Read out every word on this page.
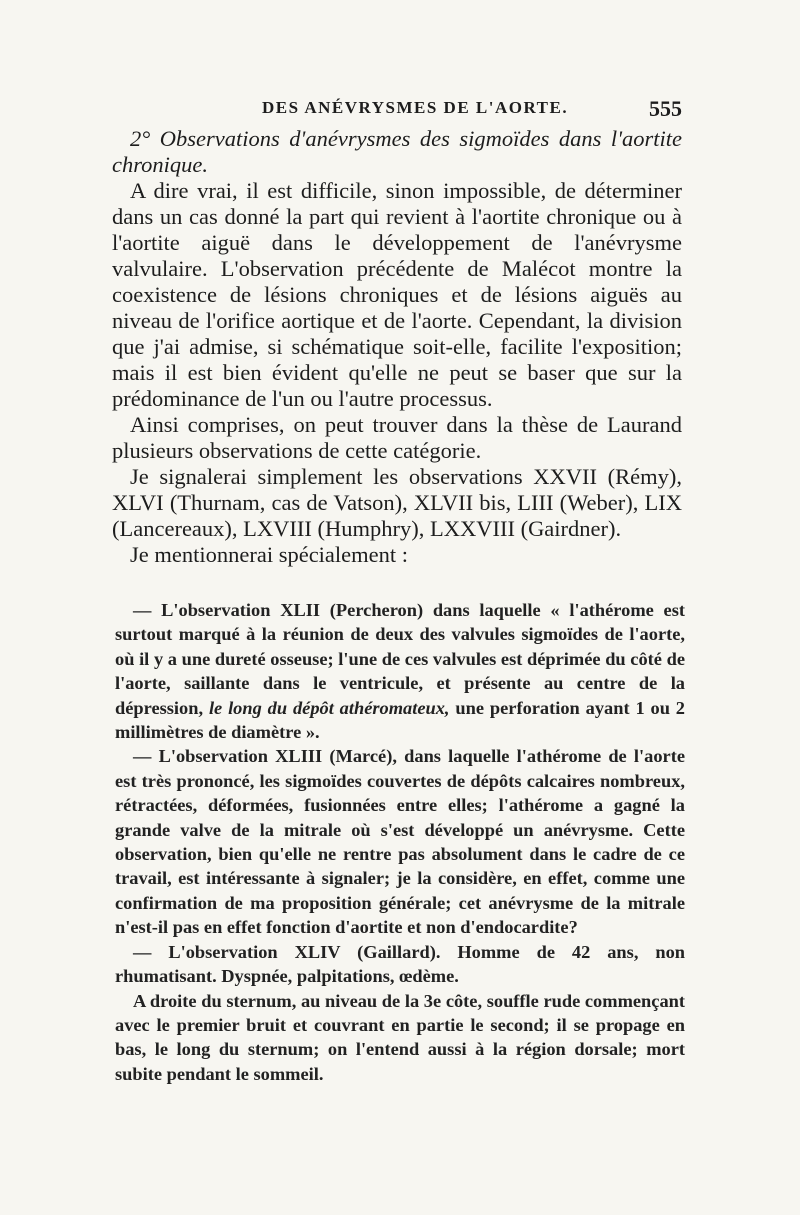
DES ANÉVRYSMES DE L'AORTE.	555

2° Observations d'anévrysmes des sigmoïdes dans l'aortite chronique.

A dire vrai, il est difficile, sinon impossible, de déterminer dans un cas donné la part qui revient à l'aortite chronique ou à l'aortite aiguë dans le développement de l'anévrysme valvulaire. L'observation précédente de Malécot montre la coexistence de lésions chroniques et de lésions aiguës au niveau de l'orifice aortique et de l'aorte. Cependant, la division que j'ai admise, si schématique soit-elle, facilite l'exposition; mais il est bien évident qu'elle ne peut se baser que sur la prédominance de l'un ou l'autre processus.

Ainsi comprises, on peut trouver dans la thèse de Laurand plusieurs observations de cette catégorie.

Je signalerai simplement les observations XXVII (Rémy), XLVI (Thurnam, cas de Vatson), XLVII bis, LIII (Weber), LIX (Lancereaux), LXVIII (Humphry), LXXVIII (Gairdner).

Je mentionnerai spécialement :

— L'observation XLII (Percheron) dans laquelle « l'athérome est surtout marqué à la réunion de deux des valvules sigmoïdes de l'aorte, où il y a une dureté osseuse; l'une de ces valvules est déprimée du côté de l'aorte, saillante dans le ventricule, et présente au centre de la dépression, le long du dépôt athéromateux, une perforation ayant 1 ou 2 millimètres de diamètre ».

— L'observation XLIII (Marcé), dans laquelle l'athérome de l'aorte est très prononcé, les sigmoïdes couvertes de dépôts calcaires nombreux, rétractées, déformées, fusionnées entre elles; l'athérome a gagné la grande valve de la mitrale où s'est développé un anévrysme. Cette observation, bien qu'elle ne rentre pas absolument dans le cadre de ce travail, est intéressante à signaler; je la considère, en effet, comme une confirmation de ma proposition générale; cet anévrysme de la mitrale n'est-il pas en effet fonction d'aortite et non d'endocardite?

— L'observation XLIV (Gaillard). Homme de 42 ans, non rhumatisant. Dyspnée, palpitations, œdème.

A droite du sternum, au niveau de la 3e côte, souffle rude commençant avec le premier bruit et couvrant en partie le second; il se propage en bas, le long du sternum; on l'entend aussi à la région dorsale; mort subite pendant le sommeil.
